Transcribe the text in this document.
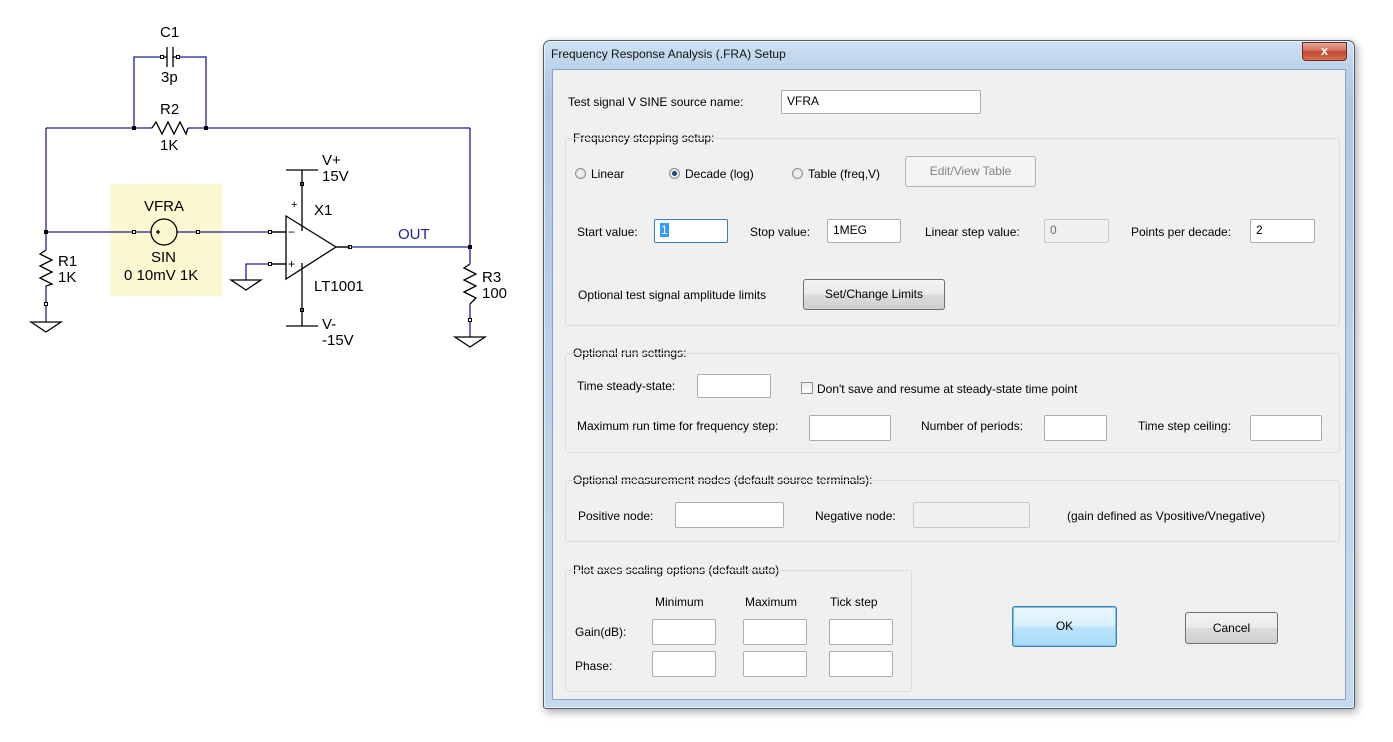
C1
3p
R2
1K
R1
1K	R3
100
VFRA
SIN
0 10mV 1K
−
+
+ X1
LT1001
V+
15V
V-
-15V
OUT
Frequency Response Analysis (.FRA) Setup	x
Test signal V SINE source name:	VFRA
Frequency stepping setup:
Linear	Decade (log)	Table (freq,V)	Edit/View Table
Start value:	1	Stop value:	1MEG	Linear step value:	0	Points per decade:	2
Optional test signal amplitude limits	Set/Change Limits
Optional run settings:
Time steady-state:	Don't save and resume at steady-state time point
Maximum run time for frequency step:	Number of periods:	Time step ceiling:
Optional measurement nodes (default source terminals):
Positive node:	Negative node:	(gain defined as Vpositive/Vnegative)
Plot axes scaling options (default auto)
Minimum	Maximum	Tick step
Gain(dB):
Phase:
OK	Cancel
